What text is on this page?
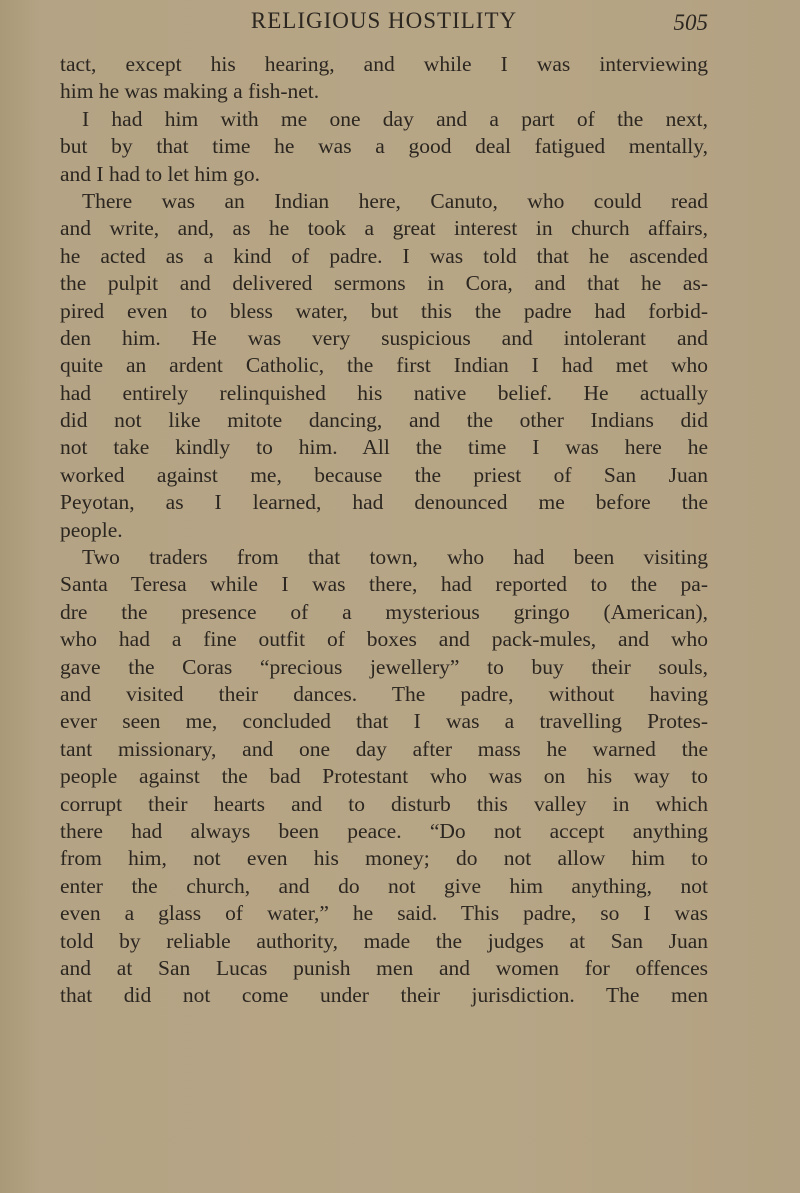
RELIGIOUS HOSTILITY	505
tact, except his hearing, and while I was interviewing
him he was making a fish-net.
I had him with me one day and a part of the next,
but by that time he was a good deal fatigued mentally,
and I had to let him go.
There was an Indian here, Canuto, who could read
and write, and, as he took a great interest in church affairs,
he acted as a kind of padre. I was told that he ascended
the pulpit and delivered sermons in Cora, and that he as-
pired even to bless water, but this the padre had forbid-
den him. He was very suspicious and intolerant and
quite an ardent Catholic, the first Indian I had met who
had entirely relinquished his native belief. He actually
did not like mitote dancing, and the other Indians did
not take kindly to him. All the time I was here he
worked against me, because the priest of San Juan
Peyotan, as I learned, had denounced me before the
people.
Two traders from that town, who had been visiting
Santa Teresa while I was there, had reported to the pa-
dre the presence of a mysterious gringo (American),
who had a fine outfit of boxes and pack-mules, and who
gave the Coras “precious jewellery” to buy their souls,
and visited their dances. The padre, without having
ever seen me, concluded that I was a travelling Protes-
tant missionary, and one day after mass he warned the
people against the bad Protestant who was on his way to
corrupt their hearts and to disturb this valley in which
there had always been peace. “Do not accept anything
from him, not even his money; do not allow him to
enter the church, and do not give him anything, not
even a glass of water,” he said. This padre, so I was
told by reliable authority, made the judges at San Juan
and at San Lucas punish men and women for offences
that did not come under their jurisdiction. The men
